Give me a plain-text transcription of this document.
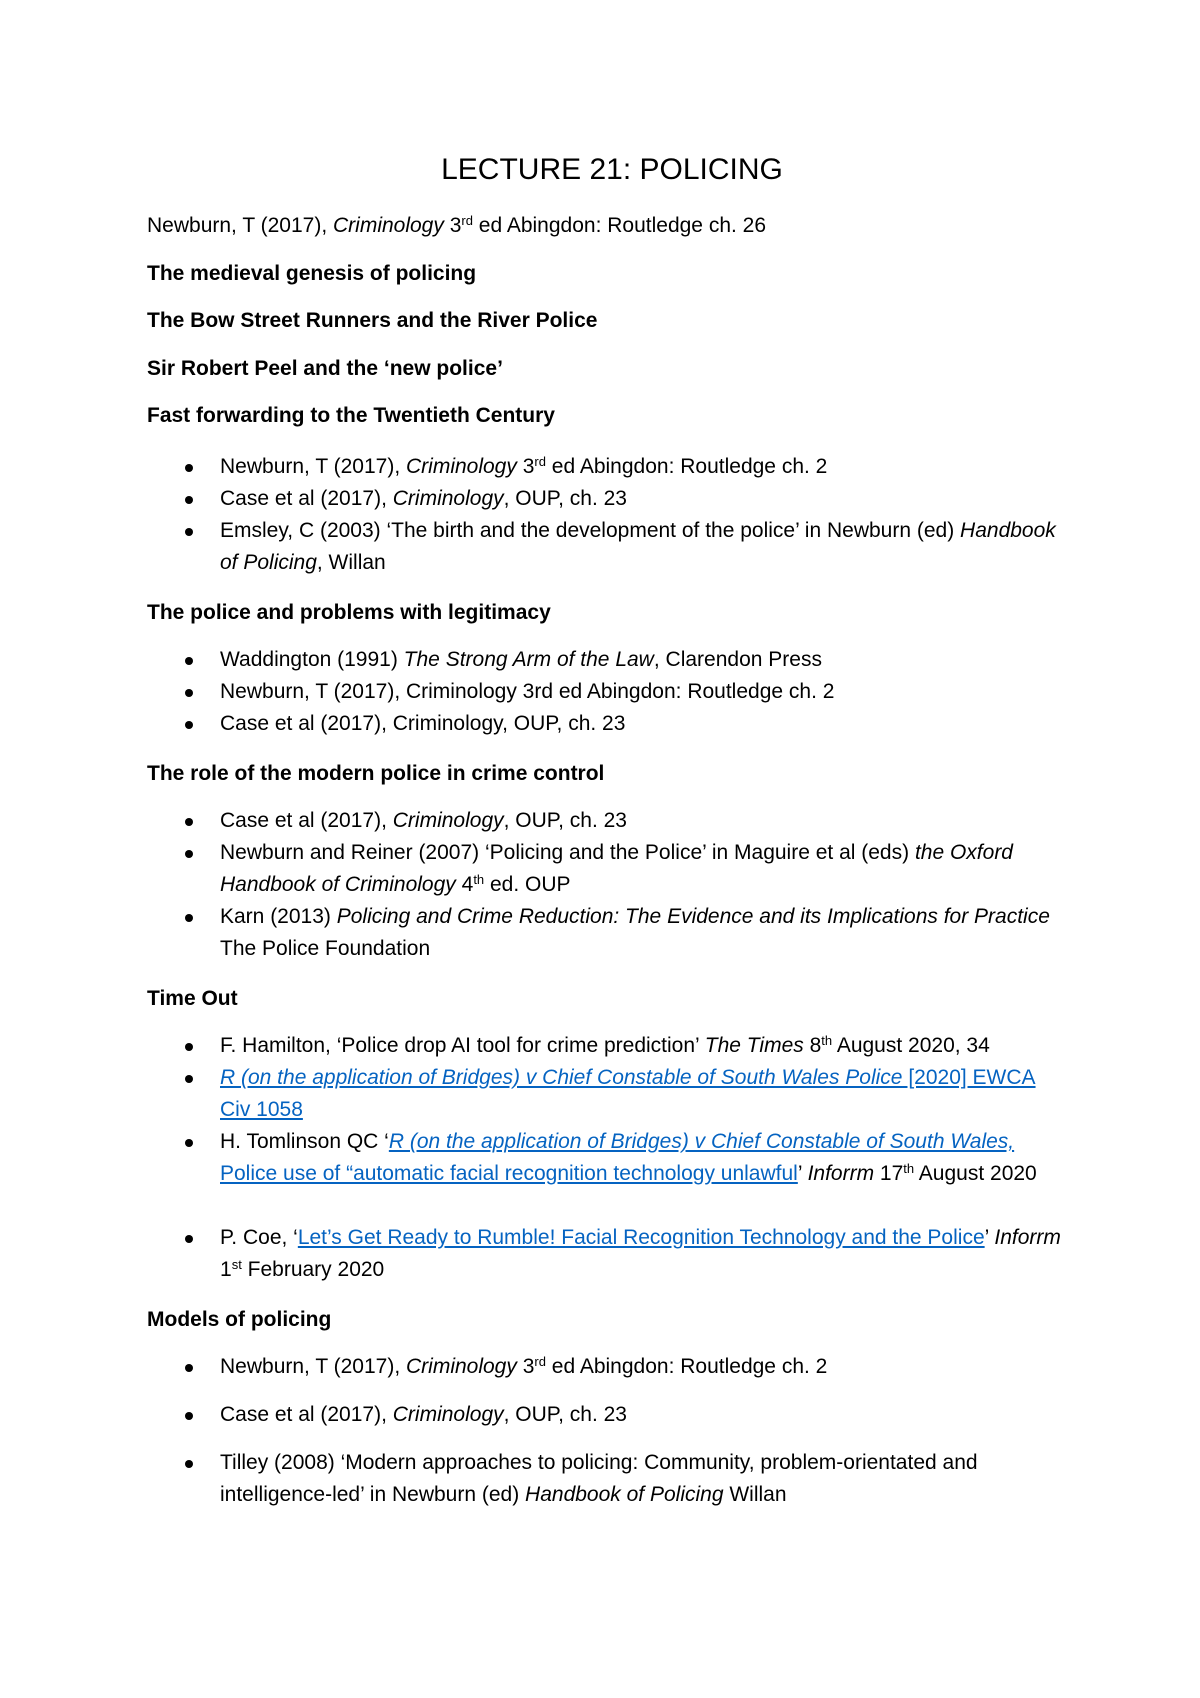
LECTURE 21: POLICING

Newburn, T (2017), Criminology 3rd ed Abingdon: Routledge ch. 26

The medieval genesis of policing

The Bow Street Runners and the River Police

Sir Robert Peel and the ‘new police’

Fast forwarding to the Twentieth Century

Newburn, T (2017), Criminology 3rd ed Abingdon: Routledge ch. 2
Case et al (2017), Criminology, OUP, ch. 23
Emsley, C (2003) ‘The birth and the development of the police’ in Newburn (ed) Handbook of Policing, Willan

The police and problems with legitimacy

Waddington (1991) The Strong Arm of the Law, Clarendon Press
Newburn, T (2017), Criminology 3rd ed Abingdon: Routledge ch. 2
Case et al (2017), Criminology, OUP, ch. 23

The role of the modern police in crime control

Case et al (2017), Criminology, OUP, ch. 23
Newburn and Reiner (2007) ‘Policing and the Police’ in Maguire et al (eds) the Oxford Handbook of Criminology 4th ed. OUP
Karn (2013) Policing and Crime Reduction: The Evidence and its Implications for Practice The Police Foundation

Time Out

F. Hamilton, ‘Police drop AI tool for crime prediction’ The Times 8th August 2020, 34
R (on the application of Bridges) v Chief Constable of South Wales Police [2020] EWCA Civ 1058
H. Tomlinson QC ‘R (on the application of Bridges) v Chief Constable of South Wales, Police use of “automatic facial recognition technology unlawful’ Inforrm 17th August 2020
P. Coe, ‘Let’s Get Ready to Rumble! Facial Recognition Technology and the Police’ Inforrm 1st February 2020

Models of policing

Newburn, T (2017), Criminology 3rd ed Abingdon: Routledge ch. 2
Case et al (2017), Criminology, OUP, ch. 23
Tilley (2008) ‘Modern approaches to policing: Community, problem-orientated and intelligence-led’ in Newburn (ed) Handbook of Policing Willan
